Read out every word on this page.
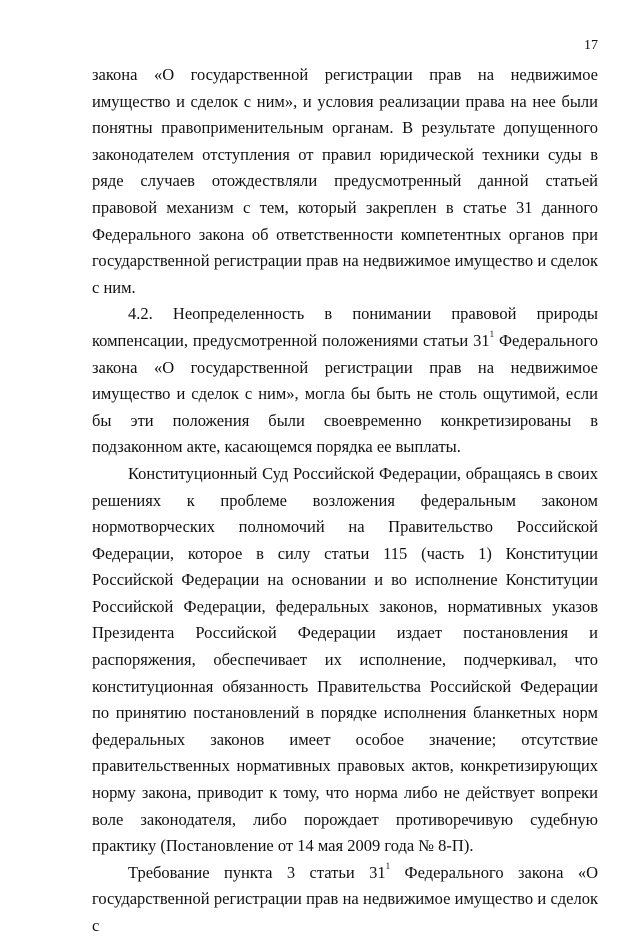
17

закона «О государственной регистрации прав на недвижимое имущество и сделок с ним», и условия реализации права на нее были понятны правоприменительным органам. В результате допущенного законодателем отступления от правил юридической техники суды в ряде случаев отождествляли предусмотренный данной статьей правовой механизм с тем, который закреплен в статье 31 данного Федерального закона об ответственности компетентных органов при государственной регистрации прав на недвижимое имущество и сделок с ним.

4.2. Неопределенность в понимании правовой природы компенсации, предусмотренной положениями статьи $31^1$ Федерального закона «О государственной регистрации прав на недвижимое имущество и сделок с ним», могла бы быть не столь ощутимой, если бы эти положения были своевременно конкретизированы в подзаконном акте, касающемся порядка ее выплаты.

Конституционный Суд Российской Федерации, обращаясь в своих решениях к проблеме возложения федеральным законом нормотворческих полномочий на Правительство Российской Федерации, которое в силу статьи 115 (часть 1) Конституции Российской Федерации на основании и во исполнение Конституции Российской Федерации, федеральных законов, нормативных указов Президента Российской Федерации издает постановления и распоряжения, обеспечивает их исполнение, подчеркивал, что конституционная обязанность Правительства Российской Федерации по принятию постановлений в порядке исполнения бланкетных норм федеральных законов имеет особое значение; отсутствие правительственных нормативных правовых актов, конкретизирующих норму закона, приводит к тому, что норма либо не действует вопреки воле законодателя, либо порождает противоречивую судебную практику (Постановление от 14 мая 2009 года № 8-П).

Требование пункта 3 статьи $31^1$ Федерального закона «О государственной регистрации прав на недвижимое имущество и сделок с
